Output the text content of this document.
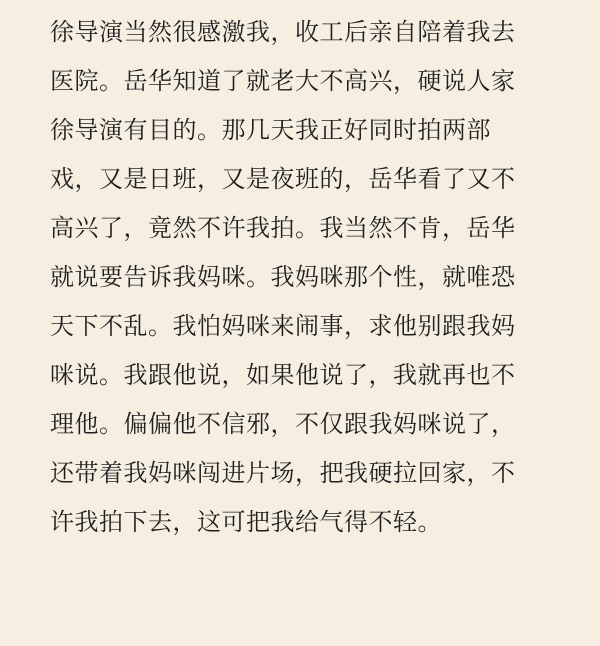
徐导演当然很感激我，收工后亲自陪着我去
医院。岳华知道了就老大不高兴，硬说人家
徐导演有目的。那几天我正好同时拍两部
戏，又是日班，又是夜班的，岳华看了又不
高兴了，竟然不许我拍。我当然不肯，岳华
就说要告诉我妈咪。我妈咪那个性，就唯恐
天下不乱。我怕妈咪来闹事，求他别跟我妈
咪说。我跟他说，如果他说了，我就再也不
理他。偏偏他不信邪，不仅跟我妈咪说了，
还带着我妈咪闯进片场，把我硬拉回家，不
许我拍下去，这可把我给气得不轻。
